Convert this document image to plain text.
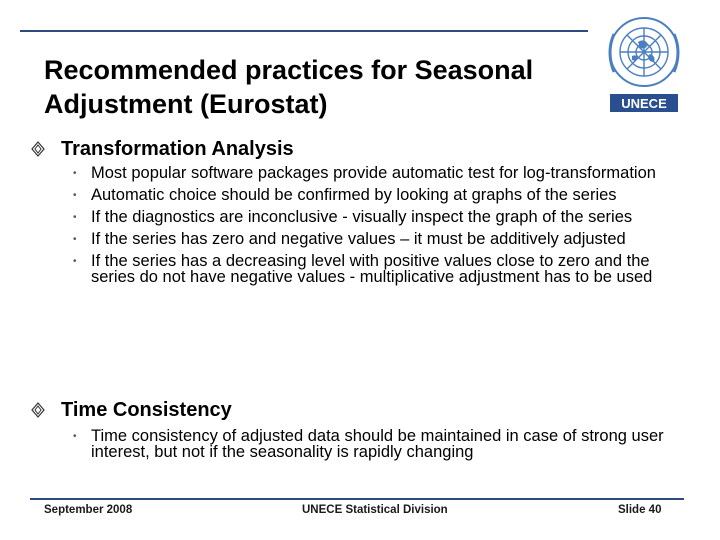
Recommended practices for Seasonal Adjustment (Eurostat)	UNECE
Transformation Analysis
• Most popular software packages provide automatic test for log-transformation
• Automatic choice should be confirmed by looking at graphs of the series
• If the diagnostics are inconclusive - visually inspect the graph of the series
• If the series has zero and negative values – it must be additively adjusted
• If the series has a decreasing level with positive values close to zero and the series do not have negative values - multiplicative adjustment has to be used
Time Consistency
• Time consistency of adjusted data should be maintained in case of strong user interest, but not if the seasonality is rapidly changing
September 2008	UNECE Statistical Division	Slide 40
